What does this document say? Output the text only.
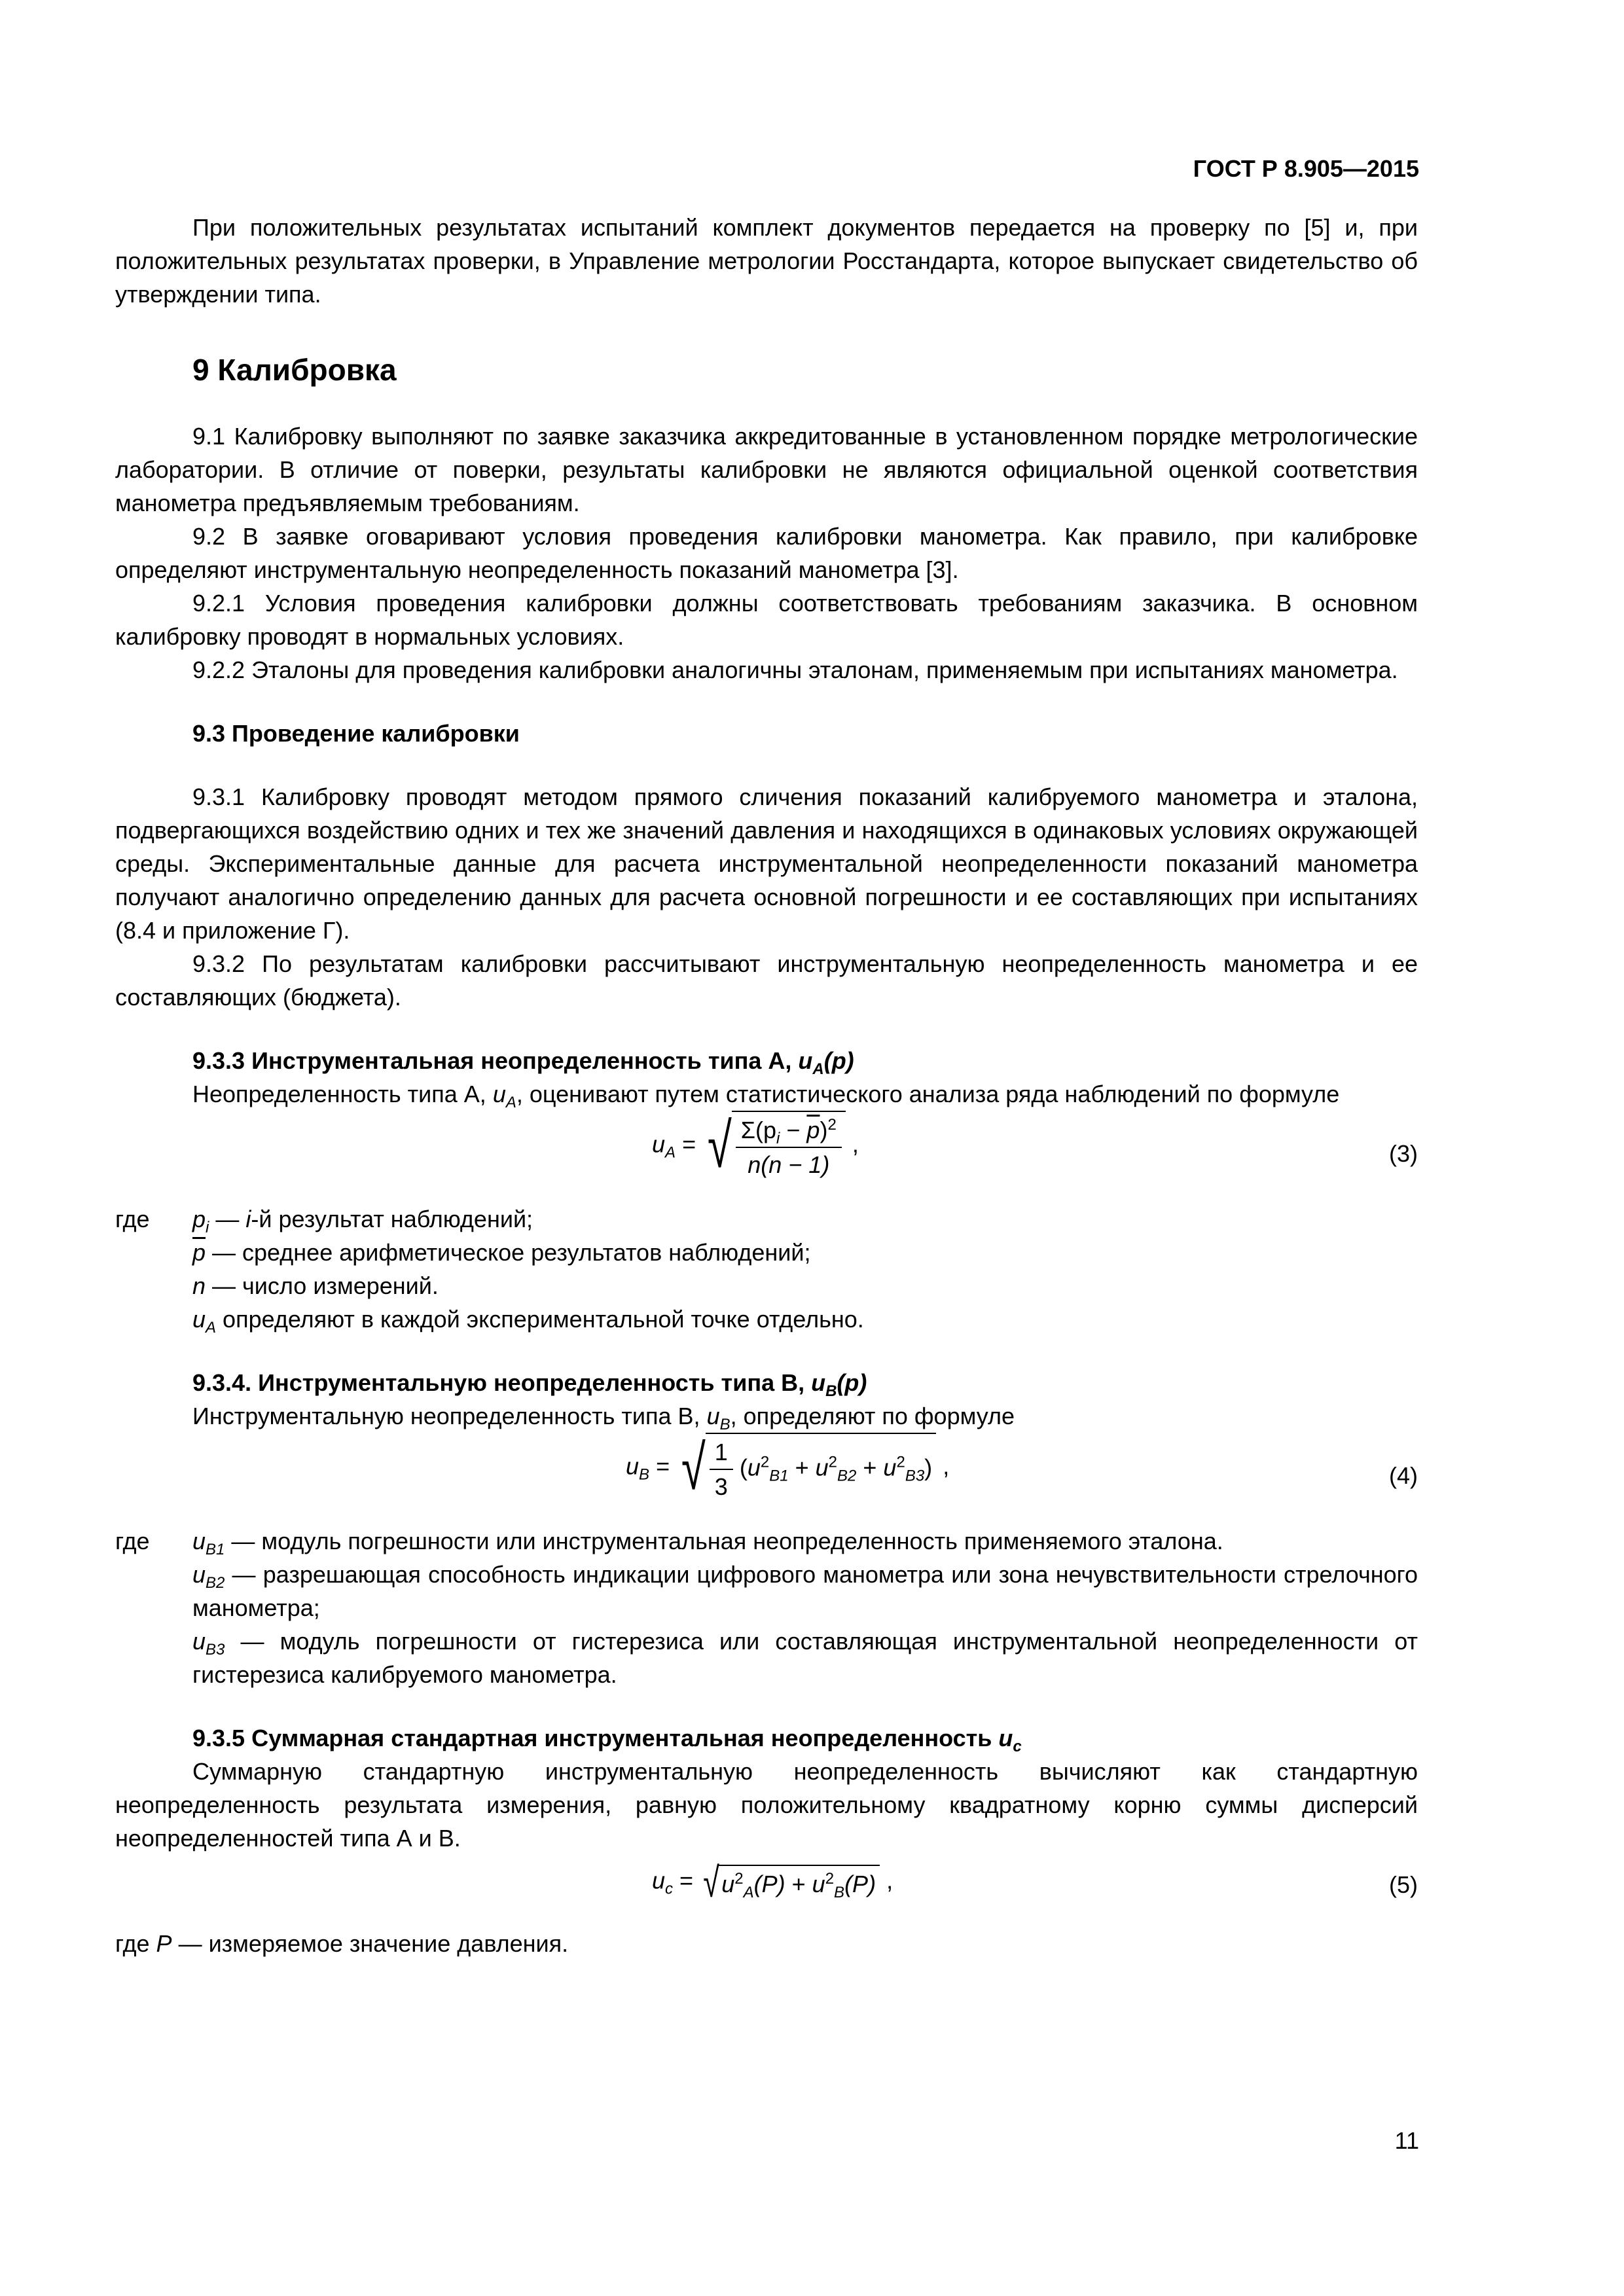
ГОСТ Р 8.905—2015

При положительных результатах испытаний комплект документов передается на проверку по [5] и, при положительных результатах проверки, в Управление метрологии Росстандарта, которое выпускает свидетельство об утверждении типа.

9 Калибровка

9.1 Калибровку выполняют по заявке заказчика аккредитованные в установленном порядке метрологические лаборатории. В отличие от поверки, результаты калибровки не являются официальной оценкой соответствия манометра предъявляемым требованиям.

9.2 В заявке оговаривают условия проведения калибровки манометра. Как правило, при калибровке определяют инструментальную неопределенность показаний манометра [3].

9.2.1 Условия проведения калибровки должны соответствовать требованиям заказчика. В основном калибровку проводят в нормальных условиях.

9.2.2 Эталоны для проведения калибровки аналогичны эталонам, применяемым при испытаниях манометра.

9.3 Проведение калибровки

9.3.1 Калибровку проводят методом прямого сличения показаний калибруемого манометра и эталона, подвергающихся воздействию одних и тех же значений давления и находящихся в одинаковых условиях окружающей среды. Экспериментальные данные для расчета инструментальной неопределенности показаний манометра получают аналогично определению данных для расчета основной погрешности и ее составляющих при испытаниях (8.4 и приложение Г).

9.3.2 По результатам калибровки рассчитывают инструментальную неопределенность манометра и ее составляющих (бюджета).

9.3.3 Инструментальная неопределенность типа А, $u_A(p)$

Неопределенность типа А, $u_A$, оценивают путем статистического анализа ряда наблюдений по формуле

$u_A$ = √ $\frac{\Sigma(p_i - \overline{p})^2}{n(n - 1)}$ ,	(3)
где	$p_i$ — i-й результат наблюдений;
$\overline{p}$ — среднее арифметическое результатов наблюдений;
n — число измерений.
$u_A$ определяют в каждой экспериментальной точке отдельно.
9.3.4. Инструментальную неопределенность типа В, $u_B(p)$

Инструментальную неопределенность типа В, $u_B$, определяют по формуле

$u_B$ = √ $\frac{1}{3} (u^2_{B1} + u^2_{B2} + u^2_{B3})$ ,	(4)
где	$u_{B1}$ — модуль погрешности или инструментальная неопределенность применяемого эталона.
$u_{B2}$ — разрешающая способность индикации цифрового манометра или зона нечувствительности стрелочного манометра;
$u_{B3}$ — модуль погрешности от гистерезиса или составляющая инструментальной неопределенности от гистерезиса калибруемого манометра.
9.3.5 Суммарная стандартная инструментальная неопределенность $u_c$

Суммарную стандартную инструментальную неопределенность вычисляют как стандартную неопределенность результата измерения, равную положительному квадратному корню суммы дисперсий неопределенностей типа А и В.

$u_c = √u^2_A(P) + u^2_B(P)$ ,	(5)

где P — измеряемое значение давления.

11
